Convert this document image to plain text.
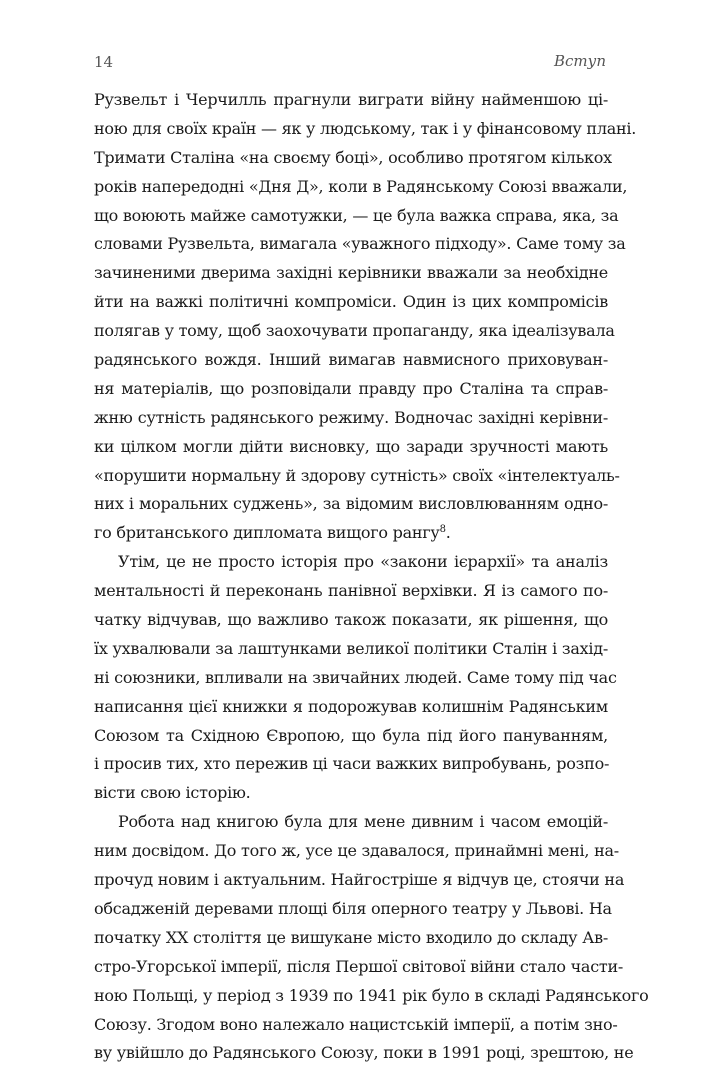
14	Вступ
Рузвельт і Черчилль прагнули виграти війну найменшою ці-
ною для своїх країн — як у людському, так і у фінансовому плані.
Тримати Сталіна «на своєму боці», особливо протягом кількох
років напередодні «Дня Д», коли в Радянському Союзі вважали,
що воюють майже самотужки, — це була важка справа, яка, за
словами Рузвельта, вимагала «уважного підходу». Саме тому за
зачиненими дверима західні керівники вважали за необхідне
йти на важкі політичні компроміси. Один із цих компромісів
полягав у тому, щоб заохочувати пропаганду, яка ідеалізувала
радянського вождя. Інший вимагав навмисного приховуван-
ня матеріалів, що розповідали правду про Сталіна та справ-
жню сутність радянського режиму. Водночас західні керівни-
ки цілком могли дійти висновку, що заради зручності мають
«порушити нормальну й здорову сутність» своїх «інтелектуаль-
них і моральних суджень», за відомим висловлюванням одно-
го британського дипломата вищого рангу$^8$.
Утім, це не просто історія про «закони ієрархії» та аналіз
ментальності й переконань панівної верхівки. Я із самого по-
чатку відчував, що важливо також показати, як рішення, що
їх ухвалювали за лаштунками великої політики Сталін і захід-
ні союзники, впливали на звичайних людей. Саме тому під час
написання цієї книжки я подорожував колишнім Радянським
Союзом та Східною Європою, що була під його пануванням,
і просив тих, хто пережив ці часи важких випробувань, розпо-
вісти свою історію.
Робота над книгою була для мене дивним і часом емоцій-
ним досвідом. До того ж, усе це здавалося, принаймні мені, на-
прочуд новим і актуальним. Найгостріше я відчув це, стоячи на
обсадженій деревами площі біля оперного театру у Львові. На
початку XX століття це вишукане місто входило до складу Ав-
стро-Угорської імперії, після Першої світової війни стало части-
ною Польщі, у період з 1939 по 1941 рік було в складі Радянського
Союзу. Згодом воно належало нацистській імперії, а потім зно-
ву увійшло до Радянського Союзу, поки в 1991 році, зрештою, не
